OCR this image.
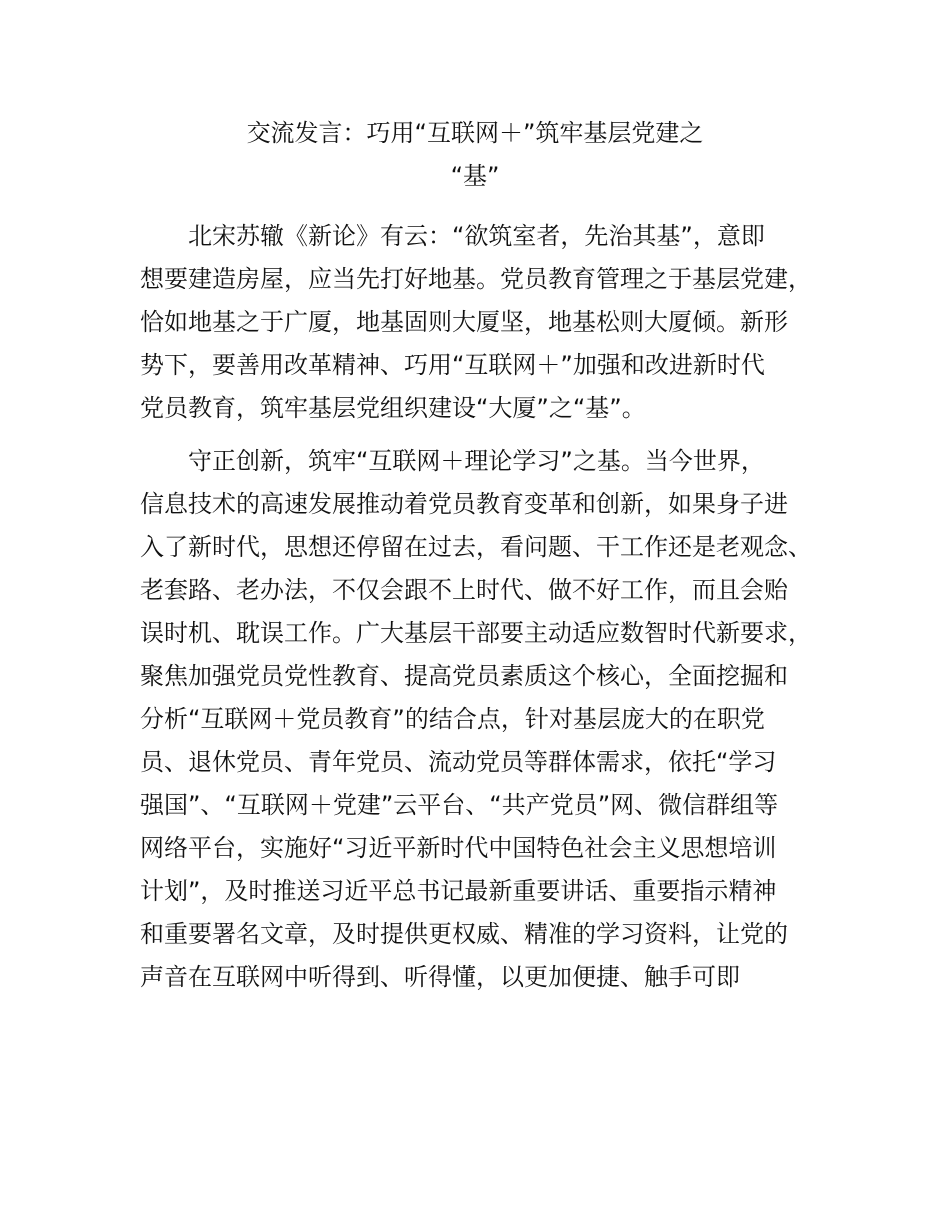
交流发言：巧用“互联网＋”筑牢基层党建之
“基”

北宋苏辙《新论》有云：“欲筑室者，先治其基”，意即
想要建造房屋，应当先打好地基。党员教育管理之于基层党建，
恰如地基之于广厦，地基固则大厦坚，地基松则大厦倾。新形
势下，要善用改革精神、巧用“互联网＋”加强和改进新时代
党员教育，筑牢基层党组织建设“大厦”之“基”。

守正创新，筑牢“互联网＋理论学习”之基。当今世界，
信息技术的高速发展推动着党员教育变革和创新，如果身子进
入了新时代，思想还停留在过去，看问题、干工作还是老观念、
老套路、老办法，不仅会跟不上时代、做不好工作，而且会贻
误时机、耽误工作。广大基层干部要主动适应数智时代新要求，
聚焦加强党员党性教育、提高党员素质这个核心，全面挖掘和
分析“互联网＋党员教育”的结合点，针对基层庞大的在职党
员、退休党员、青年党员、流动党员等群体需求，依托“学习
强国”、“互联网＋党建”云平台、“共产党员”网、微信群组等
网络平台，实施好“习近平新时代中国特色社会主义思想培训
计划”，及时推送习近平总书记最新重要讲话、重要指示精神
和重要署名文章，及时提供更权威、精准的学习资料，让党的
声音在互联网中听得到、听得懂，以更加便捷、触手可即
